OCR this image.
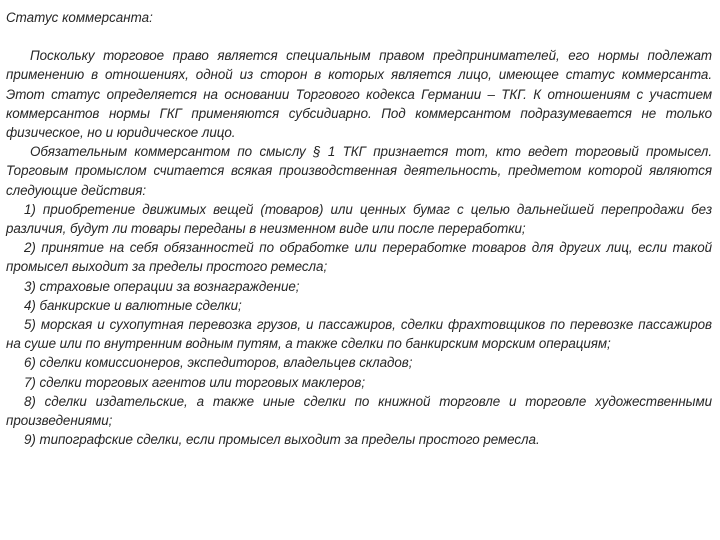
Статус коммерсанта:

Поскольку торговое право является специальным правом предпринимателей, его нормы подлежат применению в отношениях, одной из сторон в которых является лицо, имеющее статус коммерсанта. Этот статус определяется на основании Торгового кодекса Германии – ТКГ. К отношениям с участием коммерсантов нормы ГКГ применяются субсидиарно. Под коммерсантом подразумевается не только физическое, но и юридическое лицо.

Обязательным коммерсантом по смыслу § 1 ТКГ признается тот, кто ведет торговый промысел. Торговым промыслом считается всякая производственная деятельность, предметом которой являются следующие действия:

1) приобретение движимых вещей (товаров) или ценных бумаг с целью дальнейшей перепродажи без различия, будут ли товары переданы в неизменном виде или после переработки;

2) принятие на себя обязанностей по обработке или переработке товаров для других лиц, если такой промысел выходит за пределы простого ремесла;

3) страховые операции за вознаграждение;

4) банкирские и валютные сделки;

5) морская и сухопутная перевозка грузов, и пассажиров, сделки фрахтовщиков по перевозке пассажиров на суше или по внутренним водным путям, а также сделки по банкирским морским операциям;

6) сделки комиссионеров, экспедиторов, владельцев складов;

7) сделки торговых агентов или торговых маклеров;

8) сделки издательские, а также иные сделки по книжной торговле и торговле художественными произведениями;

9) типографские сделки, если промысел выходит за пределы простого ремесла.
